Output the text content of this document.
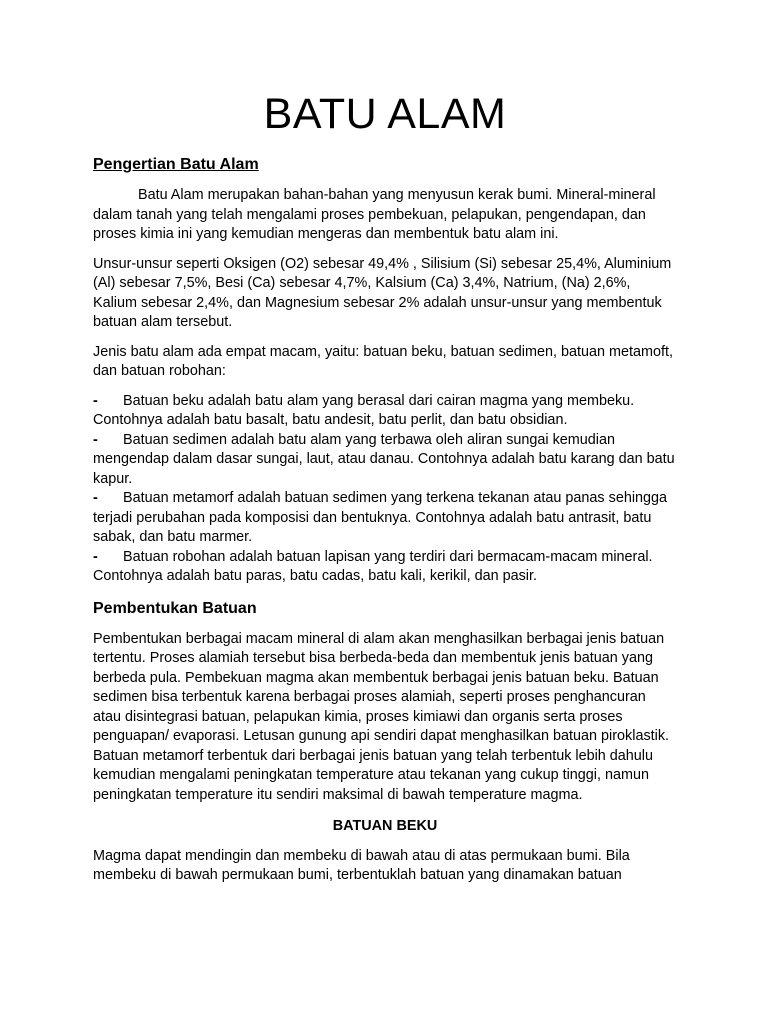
BATU ALAM
Pengertian Batu Alam

Batu Alam merupakan bahan-bahan yang menyusun kerak bumi. Mineral-mineral dalam tanah yang telah mengalami proses pembekuan, pelapukan, pengendapan, dan proses kimia ini yang kemudian mengeras dan membentuk batu alam ini.

Unsur-unsur seperti Oksigen (O2) sebesar 49,4% , Silisium (Si) sebesar 25,4%, Aluminium (Al) sebesar 7,5%, Besi (Ca) sebesar 4,7%, Kalsium (Ca) 3,4%, Natrium, (Na) 2,6%, Kalium sebesar 2,4%, dan Magnesium sebesar 2% adalah unsur-unsur yang membentuk batuan alam tersebut.

Jenis batu alam ada empat macam, yaitu: batuan beku, batuan sedimen, batuan metamoft, dan batuan robohan:

- Batuan beku adalah batu alam yang berasal dari cairan magma yang membeku. Contohnya adalah batu basalt, batu andesit, batu perlit, dan batu obsidian.
- Batuan sedimen adalah batu alam yang terbawa oleh aliran sungai kemudian mengendap dalam dasar sungai, laut, atau danau. Contohnya adalah batu karang dan batu kapur.
- Batuan metamorf adalah batuan sedimen yang terkena tekanan atau panas sehingga terjadi perubahan pada komposisi dan bentuknya. Contohnya adalah batu antrasit, batu sabak, dan batu marmer.
- Batuan robohan adalah batuan lapisan yang terdiri dari bermacam-macam mineral. Contohnya adalah batu paras, batu cadas, batu kali, kerikil, dan pasir.
Pembentukan Batuan

Pembentukan berbagai macam mineral di alam akan menghasilkan berbagai jenis batuan tertentu. Proses alamiah tersebut bisa berbeda-beda dan membentuk jenis batuan yang berbeda pula. Pembekuan magma akan membentuk berbagai jenis batuan beku. Batuan sedimen bisa terbentuk karena berbagai proses alamiah, seperti proses penghancuran atau disintegrasi batuan, pelapukan kimia, proses kimiawi dan organis serta proses penguapan/ evaporasi. Letusan gunung api sendiri dapat menghasilkan batuan piroklastik. Batuan metamorf terbentuk dari berbagai jenis batuan yang telah terbentuk lebih dahulu kemudian mengalami peningkatan temperature atau tekanan yang cukup tinggi, namun peningkatan temperature itu sendiri maksimal di bawah temperature magma.

BATUAN BEKU

Magma dapat mendingin dan membeku di bawah atau di atas permukaan bumi. Bila membeku di bawah permukaan bumi, terbentuklah batuan yang dinamakan batuan
